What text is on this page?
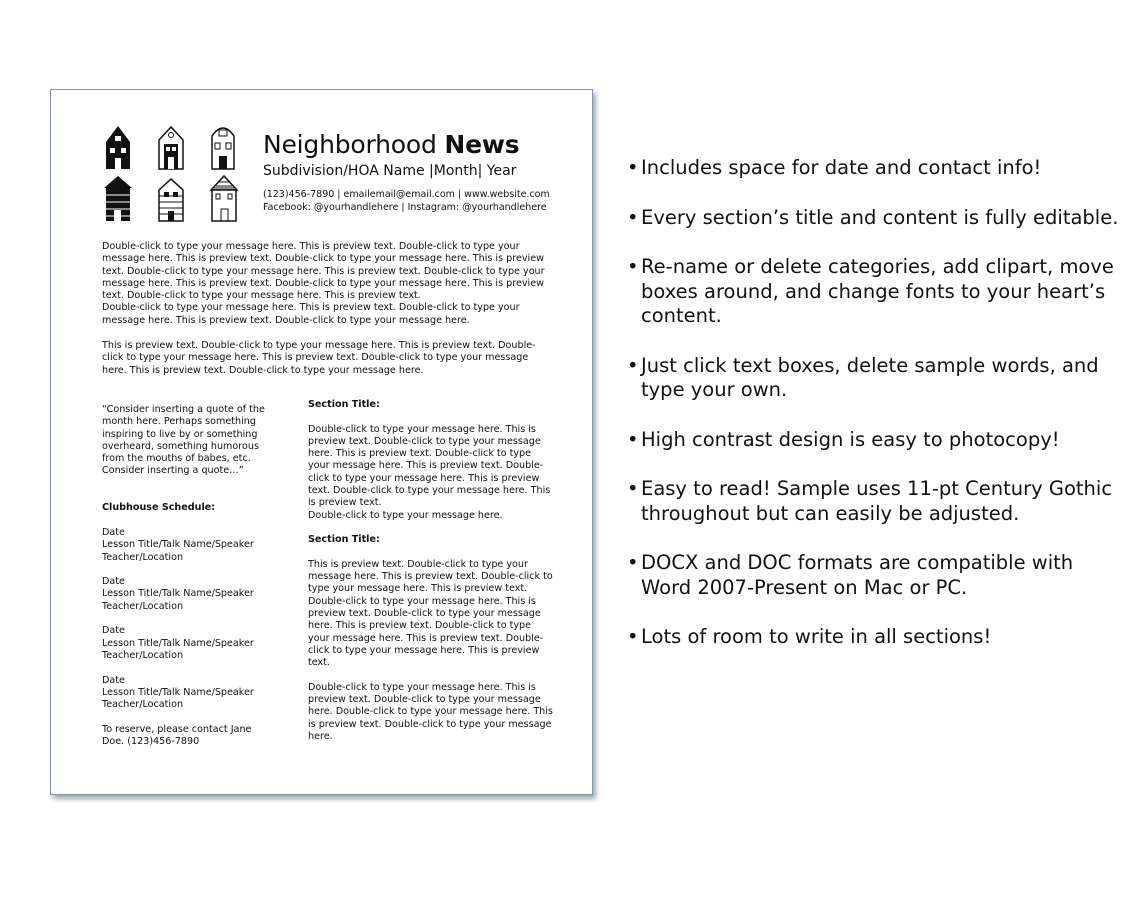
Neighborhood News
Subdivision/HOA Name |Month| Year
(123)456-7890 | emailemail@email.com | www.website.com
Facebook: @yourhandlehere | Instagram: @yourhandlehere
Double-click to type your message here. This is preview text. Double-click to type your message here. This is preview text. Double-click to type your message here. This is preview text. Double-click to type your message here. This is preview text. Double-click to type your message here. This is preview text. Double-click to type your message here. This is preview text. Double-click to type your message here. This is preview text.
Double-click to type your message here. This is preview text. Double-click to type your message here. This is preview text. Double-click to type your message here.
This is preview text. Double-click to type your message here. This is preview text. Double-click to type your message here. This is preview text. Double-click to type your message here. This is preview text. Double-click to type your message here.
“Consider inserting a quote of the month here. Perhaps something inspiring to live by or something overheard, something humorous from the mouths of babes, etc. Consider inserting a quote…”
Clubhouse Schedule:
Date
Lesson Title/Talk Name/Speaker
Teacher/Location
Date
Lesson Title/Talk Name/Speaker
Teacher/Location
Date
Lesson Title/Talk Name/Speaker
Teacher/Location
Date
Lesson Title/Talk Name/Speaker
Teacher/Location
To reserve, please contact Jane Doe. (123)456-7890
Section Title:
Double-click to type your message here. This is preview text. Double-click to type your message here. This is preview text. Double-click to type your message here. This is preview text. Double-click to type your message here. This is preview text. Double-click to type your message here. This is preview text.
Double-click to type your message here.
Section Title:
This is preview text. Double-click to type your message here. This is preview text. Double-click to type your message here. This is preview text. Double-click to type your message here. This is preview text. Double-click to type your message here. This is preview text. Double-click to type your message here. This is preview text. Double-click to type your message here. This is preview text.
Double-click to type your message here. This is preview text. Double-click to type your message here. Double-click to type your message here. This is preview text. Double-click to type your message here.
• Includes space for date and contact info!
• Every section’s title and content is fully editable.
• Re-name or delete categories, add clipart, move boxes around, and change fonts to your heart’s content.
• Just click text boxes, delete sample words, and type your own.
• High contrast design is easy to photocopy!
• Easy to read! Sample uses 11-pt Century Gothic throughout but can easily be adjusted.
• DOCX and DOC formats are compatible with Word 2007-Present on Mac or PC.
• Lots of room to write in all sections!
